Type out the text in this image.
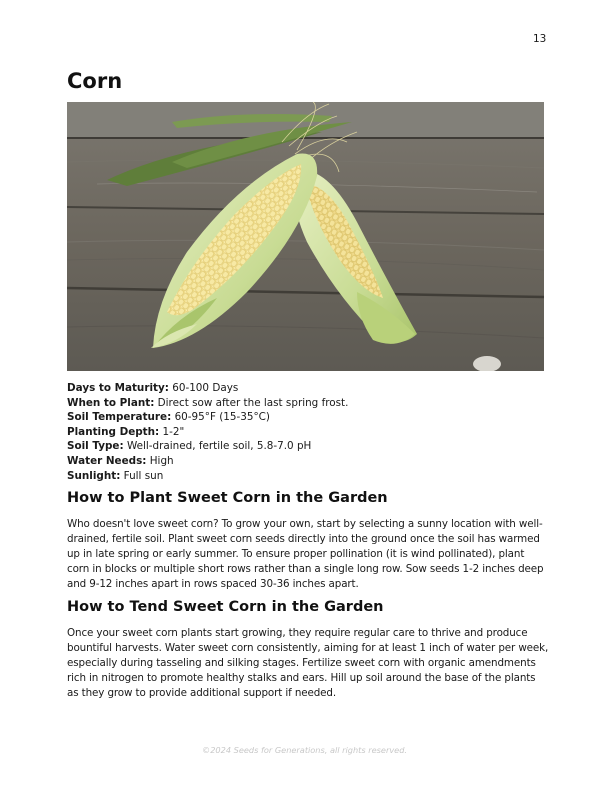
13
Corn
Days to Maturity: 60-100 Days
When to Plant: Direct sow after the last spring frost.
Soil Temperature: 60-95°F (15-35°C)
Planting Depth: 1-2"
Soil Type: Well-drained, fertile soil, 5.8-7.0 pH
Water Needs: High
Sunlight: Full sun
How to Plant Sweet Corn in the Garden
Who doesn't love sweet corn? To grow your own, start by selecting a sunny location with well-
drained, fertile soil. Plant sweet corn seeds directly into the ground once the soil has warmed
up in late spring or early summer. To ensure proper pollination (it is wind pollinated), plant
corn in blocks or multiple short rows rather than a single long row. Sow seeds 1-2 inches deep
and 9-12 inches apart in rows spaced 30-36 inches apart.
How to Tend Sweet Corn in the Garden
Once your sweet corn plants start growing, they require regular care to thrive and produce
bountiful harvests. Water sweet corn consistently, aiming for at least 1 inch of water per week,
especially during tasseling and silking stages. Fertilize sweet corn with organic amendments
rich in nitrogen to promote healthy stalks and ears. Hill up soil around the base of the plants
as they grow to provide additional support if needed.
©2024 Seeds for Generations, all rights reserved.
